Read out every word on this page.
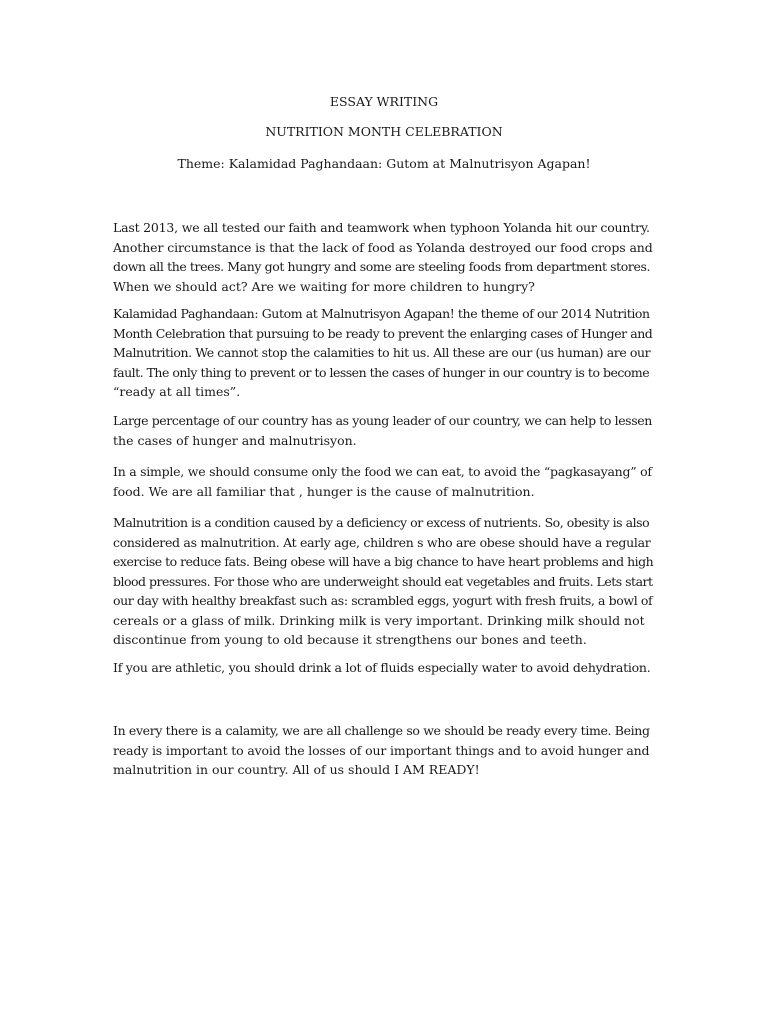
ESSAY WRITING
NUTRITION MONTH CELEBRATION
Theme: Kalamidad Paghandaan: Gutom at Malnutrisyon Agapan!
Last 2013, we all tested our faith and teamwork when typhoon Yolanda hit our country.
Another circumstance is that the lack of food as Yolanda destroyed our food crops and
down all the trees. Many got hungry and some are steeling foods from department stores.
When we should act? Are we waiting for more children to hungry?
Kalamidad Paghandaan: Gutom at Malnutrisyon Agapan! the theme of our 2014 Nutrition
Month Celebration that pursuing to be ready to prevent the enlarging cases of Hunger and
Malnutrition. We cannot stop the calamities to hit us. All these are our (us human) are our
fault. The only thing to prevent or to lessen the cases of hunger in our country is to become
“ready at all times”.
Large percentage of our country has as young leader of our country, we can help to lessen
the cases of hunger and malnutrisyon.
In a simple, we should consume only the food we can eat, to avoid the “pagkasayang” of
food. We are all familiar that , hunger is the cause of malnutrition.
Malnutrition is a condition caused by a deficiency or excess of nutrients. So, obesity is also
considered as malnutrition. At early age, children s who are obese should have a regular
exercise to reduce fats. Being obese will have a big chance to have heart problems and high
blood pressures. For those who are underweight should eat vegetables and fruits. Lets start
our day with healthy breakfast such as: scrambled eggs, yogurt with fresh fruits, a bowl of
cereals or a glass of milk. Drinking milk is very important. Drinking milk should not
discontinue from young to old because it strengthens our bones and teeth.
If you are athletic, you should drink a lot of fluids especially water to avoid dehydration.
In every there is a calamity, we are all challenge so we should be ready every time. Being
ready is important to avoid the losses of our important things and to avoid hunger and
malnutrition in our country. All of us should I AM READY!
